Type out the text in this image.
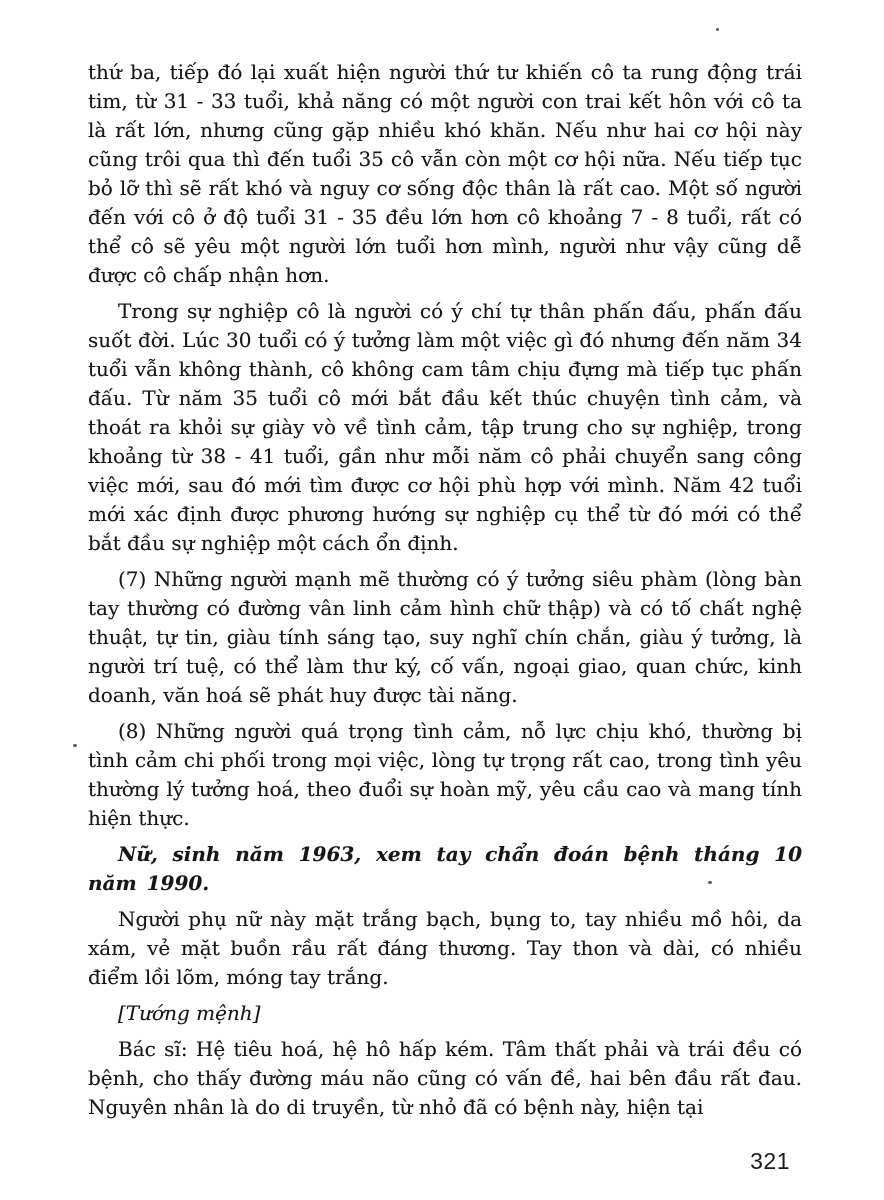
thứ ba, tiếp đó lại xuất hiện người thứ tư khiến cô ta rung động trái tim, từ 31 - 33 tuổi, khả năng có một người con trai kết hôn với cô ta là rất lớn, nhưng cũng gặp nhiều khó khăn. Nếu như hai cơ hội này cũng trôi qua thì đến tuổi 35 cô vẫn còn một cơ hội nữa. Nếu tiếp tục bỏ lỡ thì sẽ rất khó và nguy cơ sống độc thân là rất cao. Một số người đến với cô ở độ tuổi 31 - 35 đều lớn hơn cô khoảng 7 - 8 tuổi, rất có thể cô sẽ yêu một người lớn tuổi hơn mình, người như vậy cũng dễ được cô chấp nhận hơn.

Trong sự nghiệp cô là người có ý chí tự thân phấn đấu, phấn đấu suốt đời. Lúc 30 tuổi có ý tưởng làm một việc gì đó nhưng đến năm 34 tuổi vẫn không thành, cô không cam tâm chịu đựng mà tiếp tục phấn đấu. Từ năm 35 tuổi cô mới bắt đầu kết thúc chuyện tình cảm, và thoát ra khỏi sự giày vò về tình cảm, tập trung cho sự nghiệp, trong khoảng từ 38 - 41 tuổi, gần như mỗi năm cô phải chuyển sang công việc mới, sau đó mới tìm được cơ hội phù hợp với mình. Năm 42 tuổi mới xác định được phương hướng sự nghiệp cụ thể từ đó mới có thể bắt đầu sự nghiệp một cách ổn định.

(7) Những người mạnh mẽ thường có ý tưởng siêu phàm (lòng bàn tay thường có đường vân linh cảm hình chữ thập) và có tố chất nghệ thuật, tự tin, giàu tính sáng tạo, suy nghĩ chín chắn, giàu ý tưởng, là người trí tuệ, có thể làm thư ký, cố vấn, ngoại giao, quan chức, kinh doanh, văn hoá sẽ phát huy được tài năng.

(8) Những người quá trọng tình cảm, nỗ lực chịu khó, thường bị tình cảm chi phối trong mọi việc, lòng tự trọng rất cao, trong tình yêu thường lý tưởng hoá, theo đuổi sự hoàn mỹ, yêu cầu cao và mang tính hiện thực.

Nữ, sinh năm 1963, xem tay chẩn đoán bệnh tháng 10 năm 1990.

Người phụ nữ này mặt trắng bạch, bụng to, tay nhiều mồ hôi, da xám, vẻ mặt buồn rầu rất đáng thương. Tay thon và dài, có nhiều điểm lồi lõm, móng tay trắng.

[Tướng mệnh]

Bác sĩ: Hệ tiêu hoá, hệ hô hấp kém. Tâm thất phải và trái đều có bệnh, cho thấy đường máu não cũng có vấn đề, hai bên đầu rất đau. Nguyên nhân là do di truyền, từ nhỏ đã có bệnh này, hiện tại

321
